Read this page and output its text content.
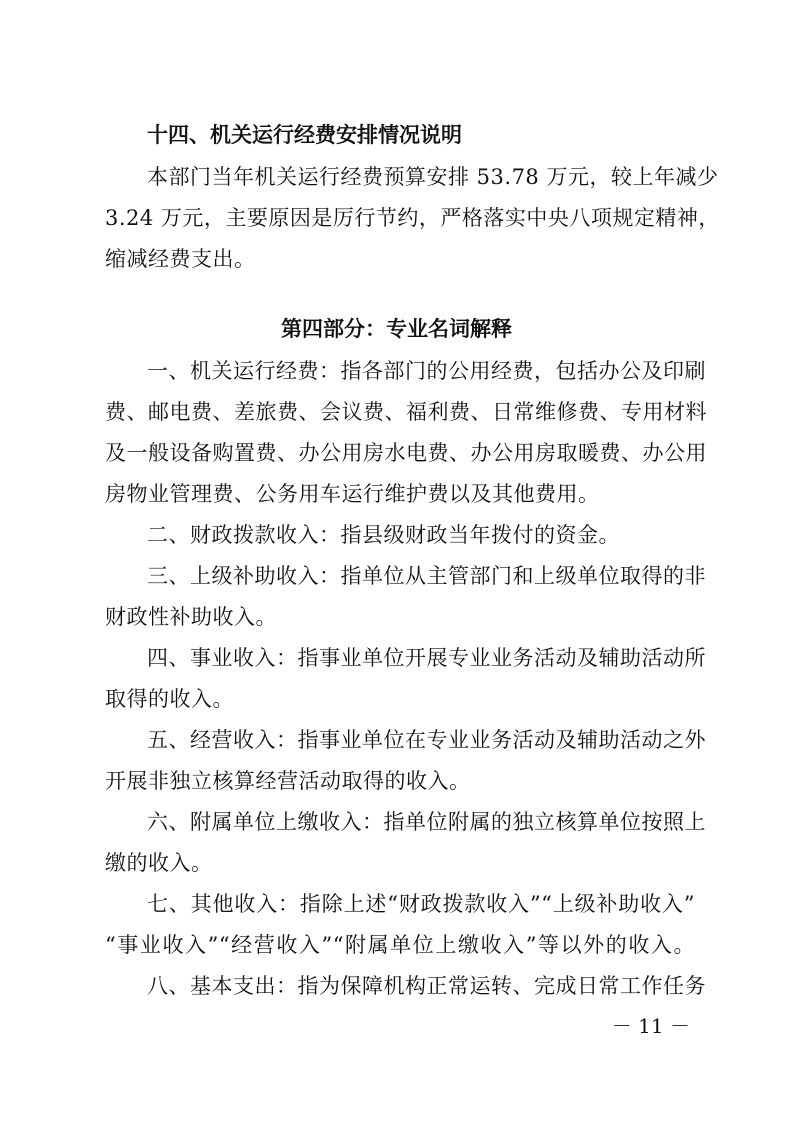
十四、机关运行经费安排情况说明
本部门当年机关运行经费预算安排 53.78 万元，较上年减少
3.24 万元，主要原因是厉行节约，严格落实中央八项规定精神，
缩减经费支出。
第四部分：专业名词解释
一、机关运行经费：指各部门的公用经费，包括办公及印刷
费、邮电费、差旅费、会议费、福利费、日常维修费、专用材料
及一般设备购置费、办公用房水电费、办公用房取暖费、办公用
房物业管理费、公务用车运行维护费以及其他费用。
二、财政拨款收入：指县级财政当年拨付的资金。
三、上级补助收入：指单位从主管部门和上级单位取得的非
财政性补助收入。
四、事业收入：指事业单位开展专业业务活动及辅助活动所
取得的收入。
五、经营收入：指事业单位在专业业务活动及辅助活动之外
开展非独立核算经营活动取得的收入。
六、附属单位上缴收入：指单位附属的独立核算单位按照上
缴的收入。
七、其他收入：指除上述“财政拨款收入”“上级补助收入”
“事业收入”“经营收入”“附属单位上缴收入”等以外的收入。
八、基本支出：指为保障机构正常运转、完成日常工作任务
－ 11 －
